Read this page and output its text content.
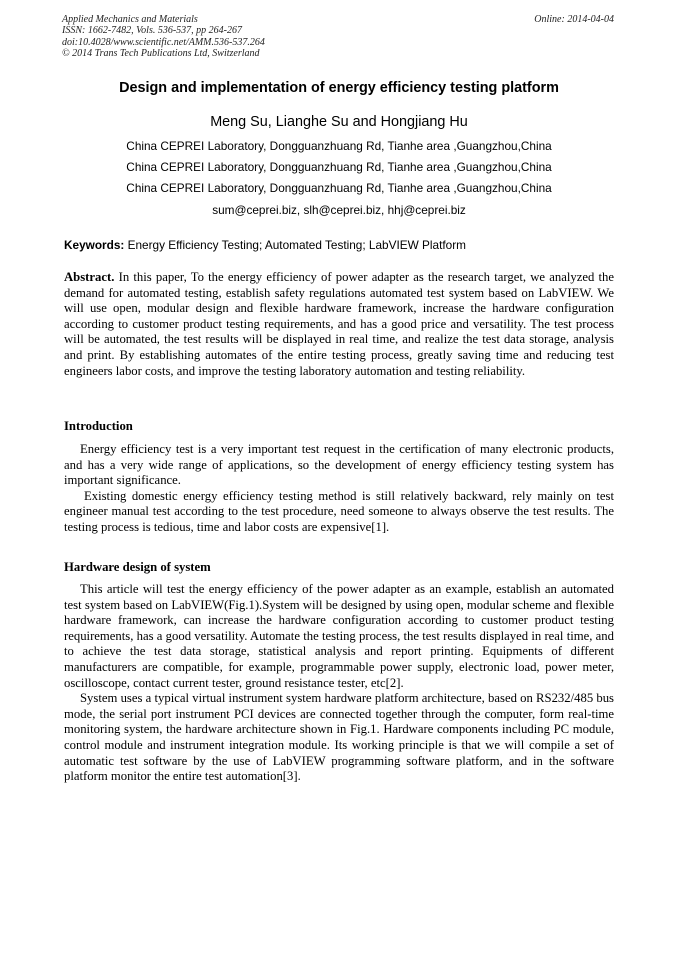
Applied Mechanics and Materials
ISSN: 1662-7482, Vols. 536-537, pp 264-267
doi:10.4028/www.scientific.net/AMM.536-537.264
© 2014 Trans Tech Publications Ltd, Switzerland
Online: 2014-04-04
Design and implementation of energy efficiency testing platform
Meng Su, Lianghe Su and Hongjiang Hu
China CEPREI Laboratory, Dongguanzhuang Rd, Tianhe area ,Guangzhou,China
China CEPREI Laboratory, Dongguanzhuang Rd, Tianhe area ,Guangzhou,China
China CEPREI Laboratory, Dongguanzhuang Rd, Tianhe area ,Guangzhou,China
sum@ceprei.biz, slh@ceprei.biz, hhj@ceprei.biz
Keywords: Energy Efficiency Testing; Automated Testing; LabVIEW Platform

Abstract. In this paper, To the energy efficiency of power adapter as the research target, we analyzed the demand for automated testing, establish safety regulations automated test system based on LabVIEW. We will use open, modular design and flexible hardware framework, increase the hardware configuration according to customer product testing requirements, and has a good price and versatility. The test process will be automated, the test results will be displayed in real time, and realize the test data storage, analysis and print. By establishing automates of the entire testing process, greatly saving time and reducing test engineers labor costs, and improve the testing laboratory automation and testing reliability.

Introduction

Energy efficiency test is a very important test request in the certification of many electronic products, and has a very wide range of applications, so the development of energy efficiency testing system has important significance.

Existing domestic energy efficiency testing method is still relatively backward, rely mainly on test engineer manual test according to the test procedure, need someone to always observe the test results. The testing process is tedious, time and labor costs are expensive[1].

Hardware design of system

This article will test the energy efficiency of the power adapter as an example, establish an automated test system based on LabVIEW(Fig.1).System will be designed by using open, modular scheme and flexible hardware framework, can increase the hardware configuration according to customer product testing requirements, has a good versatility. Automate the testing process, the test results displayed in real time, and to achieve the test data storage, statistical analysis and report printing. Equipments of different manufacturers are compatible, for example, programmable power supply, electronic load, power meter, oscilloscope, contact current tester, ground resistance tester, etc[2].

System uses a typical virtual instrument system hardware platform architecture, based on RS232/485 bus mode, the serial port instrument PCI devices are connected together through the computer, form real-time monitoring system, the hardware architecture shown in Fig.1. Hardware components including PC module, control module and instrument integration module. Its working principle is that we will compile a set of automatic test software by the use of LabVIEW programming software platform, and in the software platform monitor the entire test automation[3].
